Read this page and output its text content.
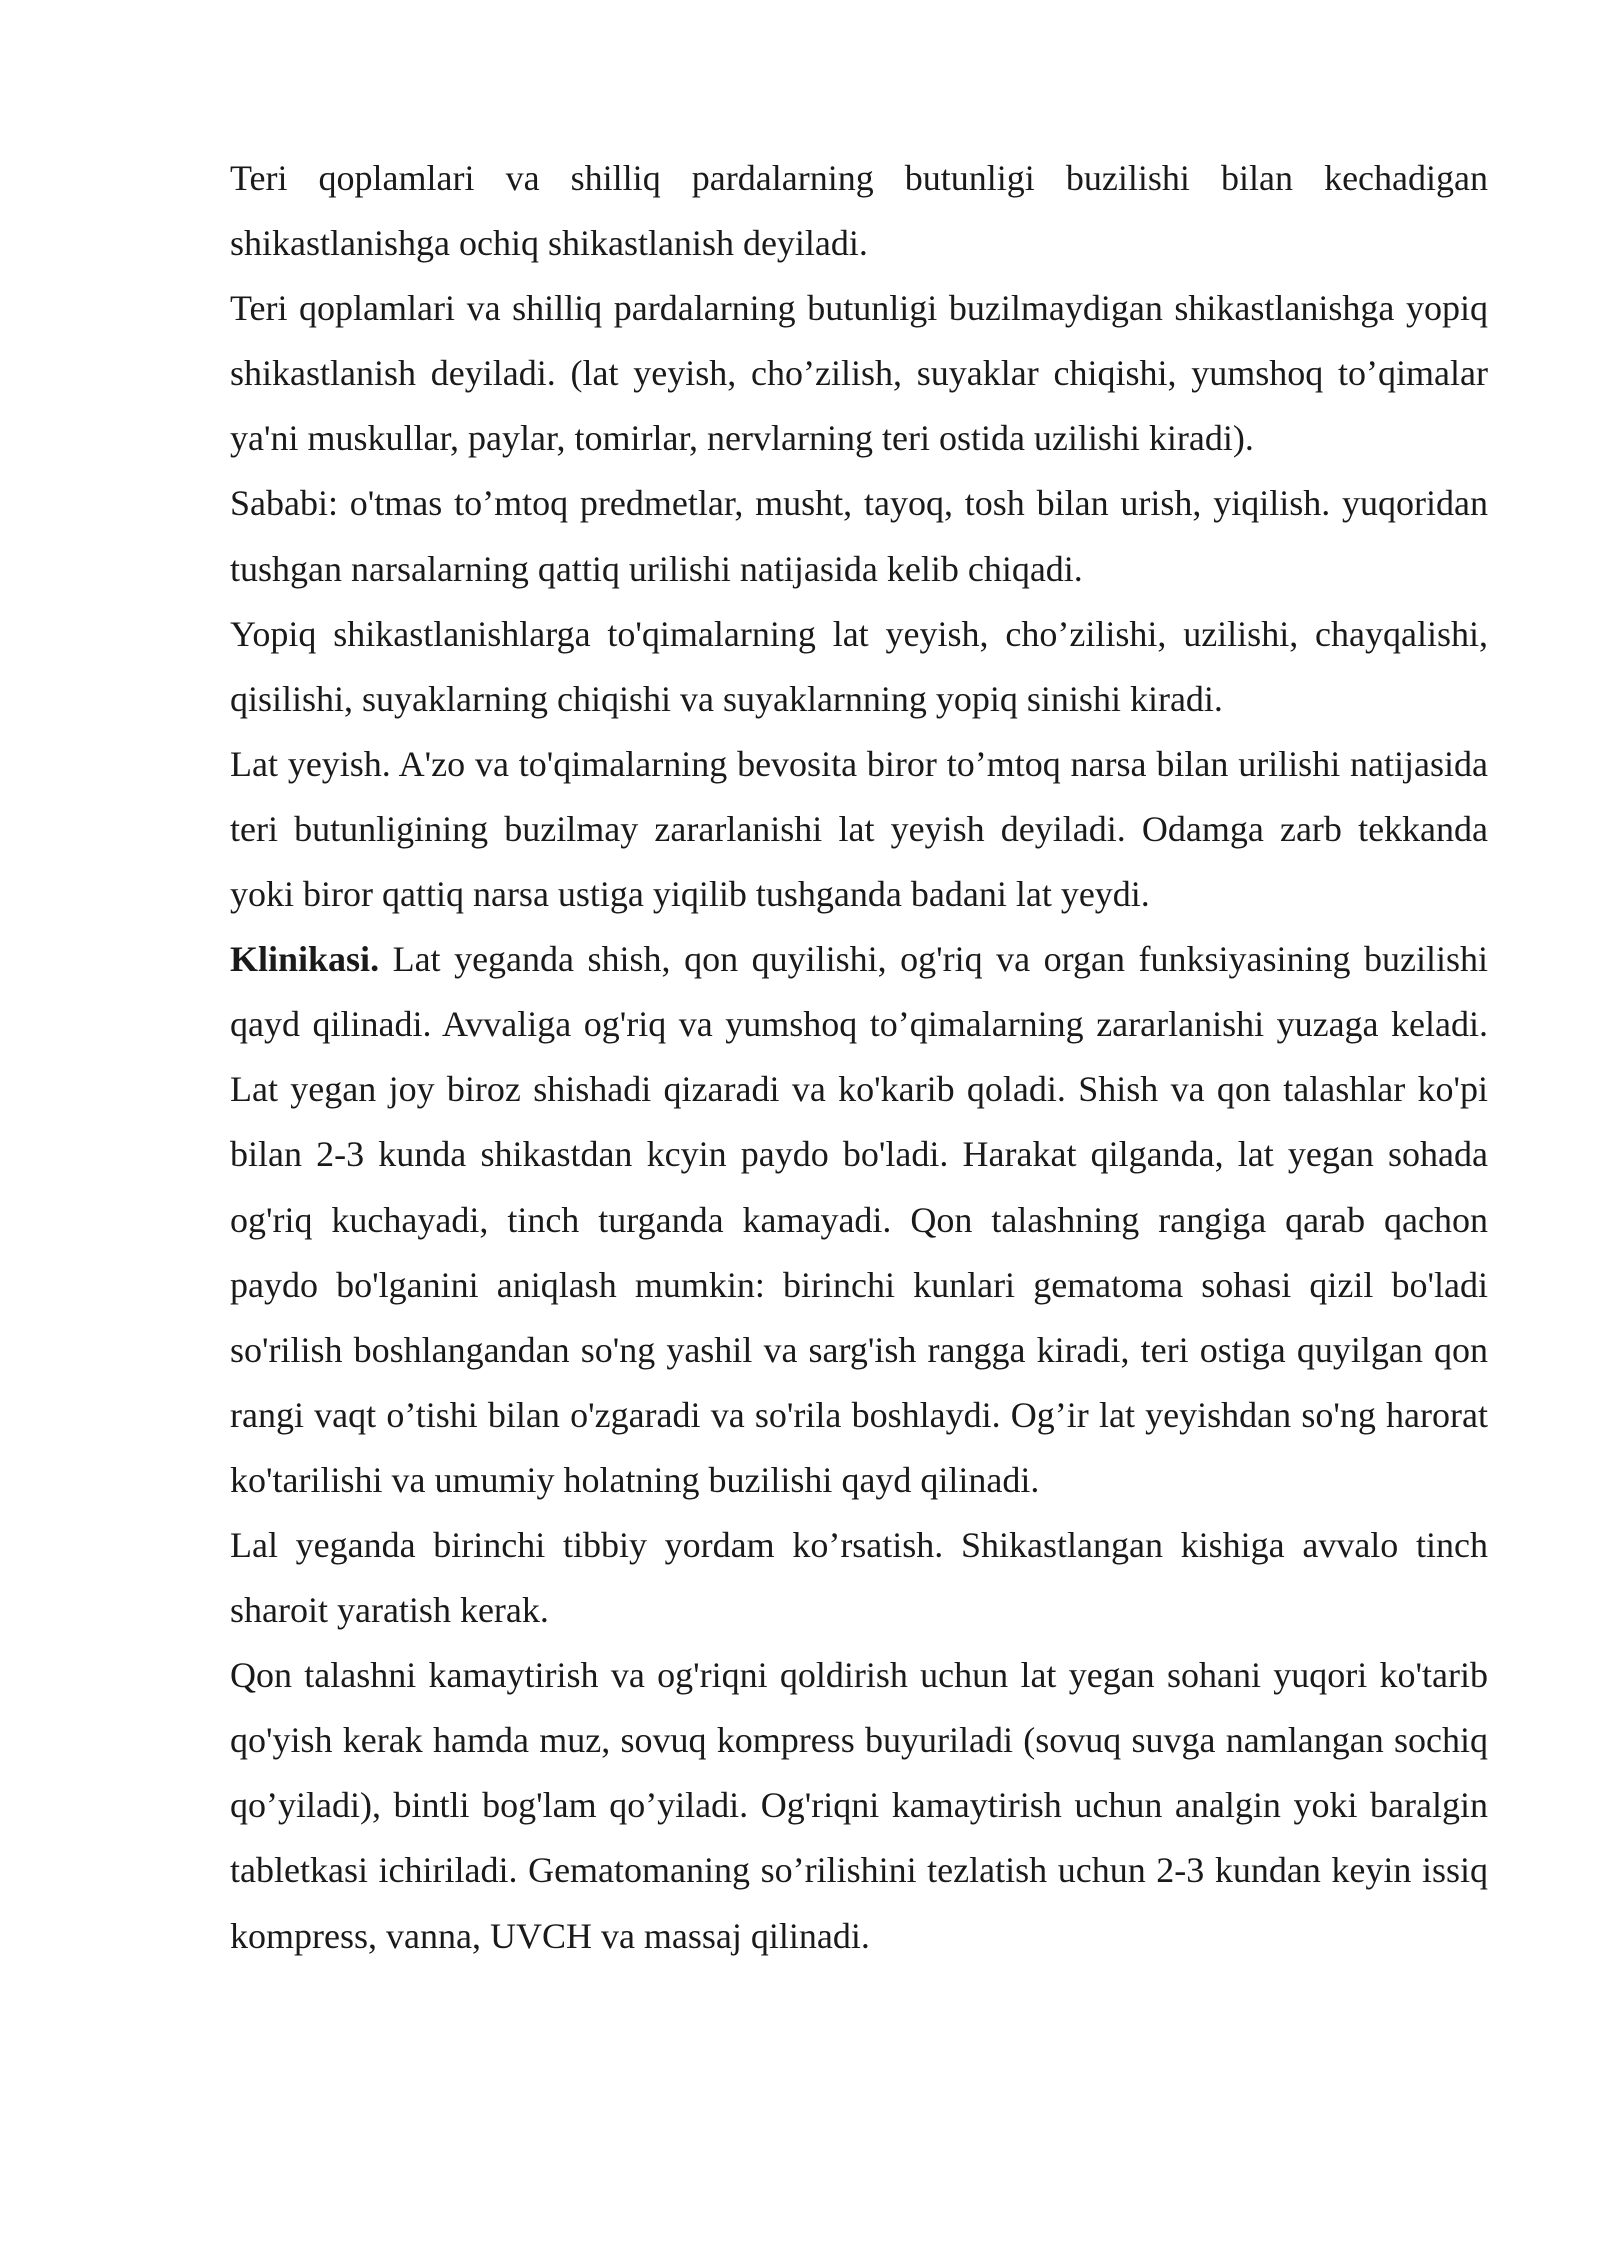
Teri qoplamlari va shilliq pardalarning butunligi buzilishi bilan kechadigan shikastlanishga ochiq shikastlanish deyiladi.

Teri qoplamlari va shilliq pardalarning butunligi buzilmaydigan shikastlanishga yopiq shikastlanish deyiladi. (lat yeyish, cho’zilish, suyaklar chiqishi, yumshoq to’qimalar ya'ni muskullar, paylar, tomirlar, nervlarning teri ostida uzilishi kiradi).

Sababi: o'tmas to’mtoq predmetlar, musht, tayoq, tosh bilan urish, yiqilish. yuqoridan tushgan narsalarning qattiq urilishi natijasida kelib chiqadi.

Yopiq shikastlanishlarga to'qimalarning lat yeyish, cho’zilishi, uzilishi, chayqalishi, qisilishi, suyaklarning chiqishi va suyaklarnning yopiq sinishi kiradi.

Lat yeyish. A'zo va to'qimalarning bevosita biror to’mtoq narsa bilan urilishi natijasida teri butunligining buzilmay zararlanishi lat yeyish deyiladi. Odamga zarb tekkanda yoki biror qattiq narsa ustiga yiqilib tushganda badani lat yeydi.

Klinikasi. Lat yeganda shish, qon quyilishi, og'riq va organ funksiyasining buzilishi qayd qilinadi. Avvaliga og'riq va yumshoq to’qimalarning zararlanishi yuzaga keladi. Lat yegan joy biroz shishadi qizaradi va ko'karib qoladi. Shish va qon talashlar ko'pi bilan 2-3 kunda shikastdan kcyin paydo bo'ladi. Harakat qilganda, lat yegan sohada og'riq kuchayadi, tinch turganda kamayadi. Qon talashning rangiga qarab qachon paydo bo'lganini aniqlash mumkin: birinchi kunlari gematoma sohasi qizil bo'ladi so'rilish boshlangandan so'ng yashil va sarg'ish rangga kiradi, teri ostiga quyilgan qon rangi vaqt o’tishi bilan o'zgaradi va so'rila boshlaydi. Og’ir lat yeyishdan so'ng harorat ko'tarilishi va umumiy holatning buzilishi qayd qilinadi.

Lal yeganda birinchi tibbiy yordam ko’rsatish. Shikastlangan kishiga avvalo tinch sharoit yaratish kerak.

Qon talashni kamaytirish va og'riqni qoldirish uchun lat yegan sohani yuqori ko'tarib qo'yish kerak hamda muz, sovuq kompress buyuriladi (sovuq suvga namlangan sochiq qo’yiladi), bintli bog'lam qo’yiladi. Og'riqni kamaytirish uchun analgin yoki baralgin tabletkasi ichiriladi. Gematomaning so’rilishini tezlatish uchun 2-3 kundan keyin issiq kompress, vanna, UVCH va massaj qilinadi.
